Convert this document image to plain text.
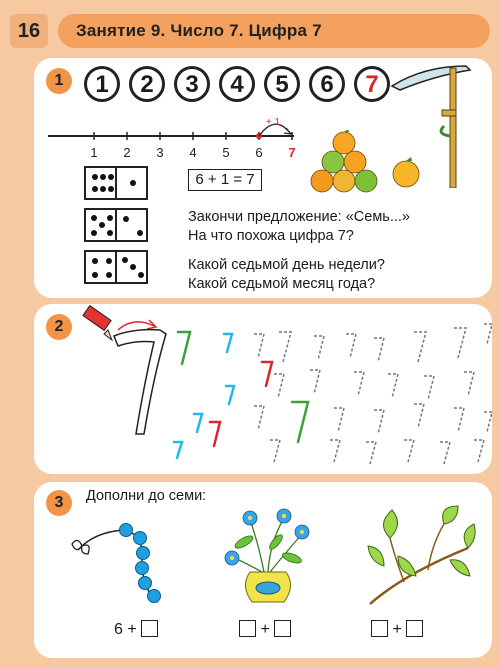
16	Занятие 9. Число 7. Цифра 7
1	1	2	3	4	5	6	7
+ 1
1 2 3 4 5 6 7
6 + 1 = 7
Закончи предложение: «Семь...»
На что похожа цифра 7?
Какой седьмой день недели?
Какой седьмой месяц года?
2
3	Дополни до семи:
6 +	+	+
